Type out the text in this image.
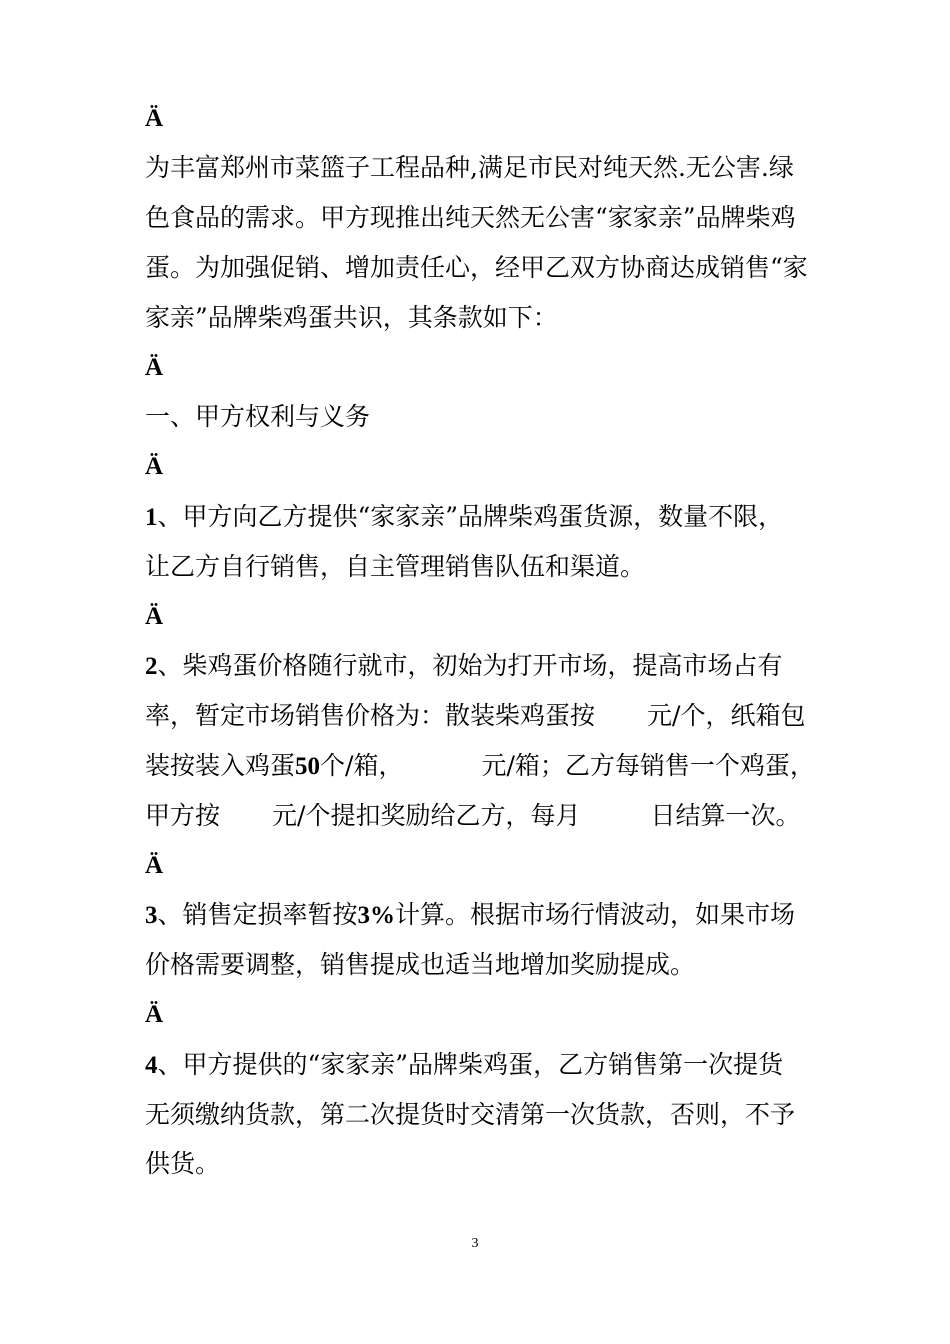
Ä
为丰富郑州市菜篮子工程品种,满足市民对纯天然.无公害.绿
色食品的需求。甲方现推出纯天然无公害“家家亲”品牌柴鸡
蛋。为加强促销、增加责任心，经甲乙双方协商达成销售“家
家亲”品牌柴鸡蛋共识，其条款如下：
Ä
一、甲方权利与义务
Ä
1、甲方向乙方提供“家家亲”品牌柴鸡蛋货源，数量不限，
让乙方自行销售，自主管理销售队伍和渠道。
Ä
2、柴鸡蛋价格随行就市，初始为打开市场，提高市场占有
率，暂定市场销售价格为：散装柴鸡蛋按 元/个，纸箱包
装按装入鸡蛋50个/箱，	元/箱；乙方每销售一个鸡蛋，
甲方按 元/个提扣奖励给乙方，每月	日结算一次。
Ä
3、销售定损率暂按3%计算。根据市场行情波动，如果市场
价格需要调整，销售提成也适当地增加奖励提成。
Ä
4、甲方提供的“家家亲”品牌柴鸡蛋，乙方销售第一次提货
无须缴纳货款，第二次提货时交清第一次货款，否则，不予
供货。
3
